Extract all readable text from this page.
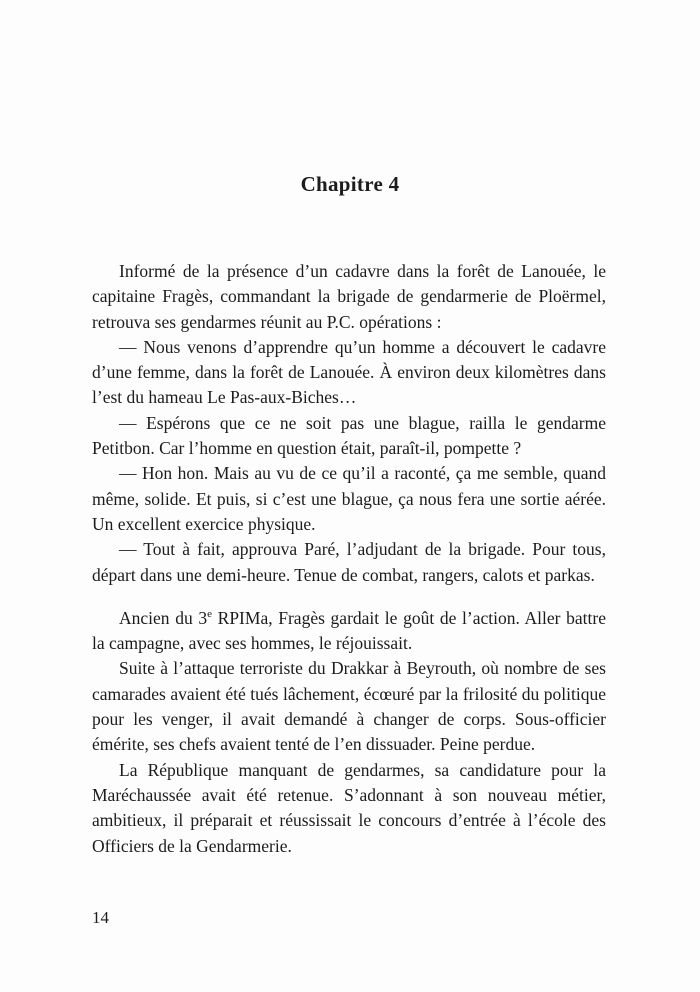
Chapitre 4

Informé de la présence d’un cadavre dans la forêt de Lanouée, le capitaine Fragès, commandant la brigade de gendarmerie de Ploërmel, retrouva ses gendarmes réunit au P.C. opérations :

— Nous venons d’apprendre qu’un homme a découvert le cadavre d’une femme, dans la forêt de Lanouée. À environ deux kilomètres dans l’est du hameau Le Pas-aux-Biches…

— Espérons que ce ne soit pas une blague, railla le gendarme Petitbon. Car l’homme en question était, paraît-il, pompette ?

— Hon hon. Mais au vu de ce qu’il a raconté, ça me semble, quand même, solide. Et puis, si c’est une blague, ça nous fera une sortie aérée. Un excellent exercice physique.

— Tout à fait, approuva Paré, l’adjudant de la brigade. Pour tous, départ dans une demi-heure. Tenue de combat, rangers, calots et parkas.

Ancien du 3e RPIMa, Fragès gardait le goût de l’action. Aller battre la campagne, avec ses hommes, le réjouissait.

Suite à l’attaque terroriste du Drakkar à Beyrouth, où nombre de ses camarades avaient été tués lâchement, écœuré par la frilosité du politique pour les venger, il avait demandé à changer de corps. Sous-officier émérite, ses chefs avaient tenté de l’en dissuader. Peine perdue.

La République manquant de gendarmes, sa candidature pour la Maréchaussée avait été retenue. S’adonnant à son nouveau métier, ambitieux, il préparait et réussissait le concours d’entrée à l’école des Officiers de la Gendarmerie.

14
